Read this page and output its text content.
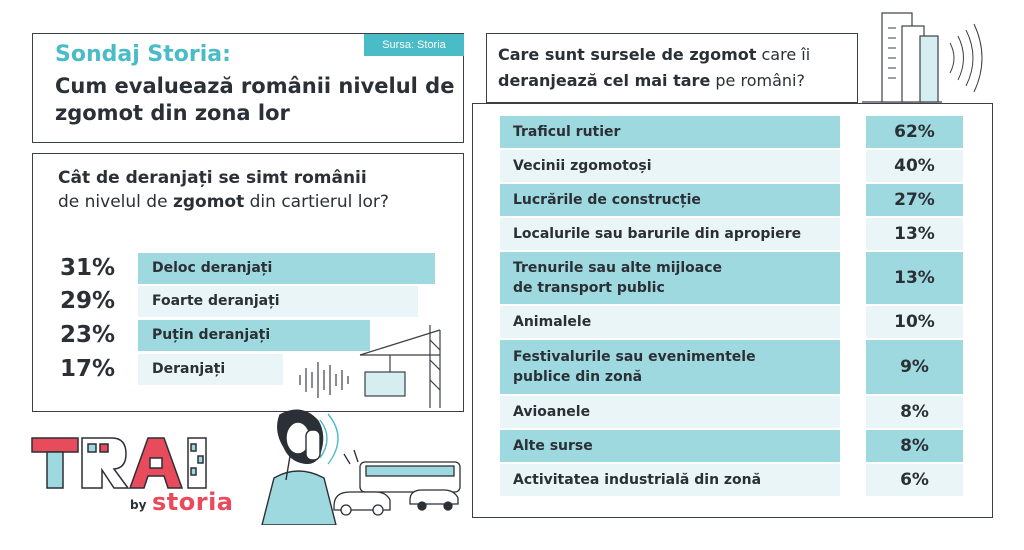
Sursa: Storia
Sondaj Storia:
Cum evaluează românii nivelul de zgomot din zona lor
Cât de deranjați se simt românii
de nivelul de zgomot din cartierul lor?
31%	Deloc deranjați
29%	Foarte deranjați
23%	Puțin deranjați
17%	Deranjați
Care sunt sursele de zgomot care îi
deranjează cel mai tare pe români?
Traficul rutier	62%
Vecinii zgomotoși	40%
Lucrările de construcție	27%
Localurile sau barurile din apropiere	13%
Trenurile sau alte mijloace de transport public	13%
Animalele	10%
Festivalurile sau evenimentele publice din zonă	9%
Avioanele	8%
Alte surse	8%
Activitatea industrială din zonă	6%
by storia
